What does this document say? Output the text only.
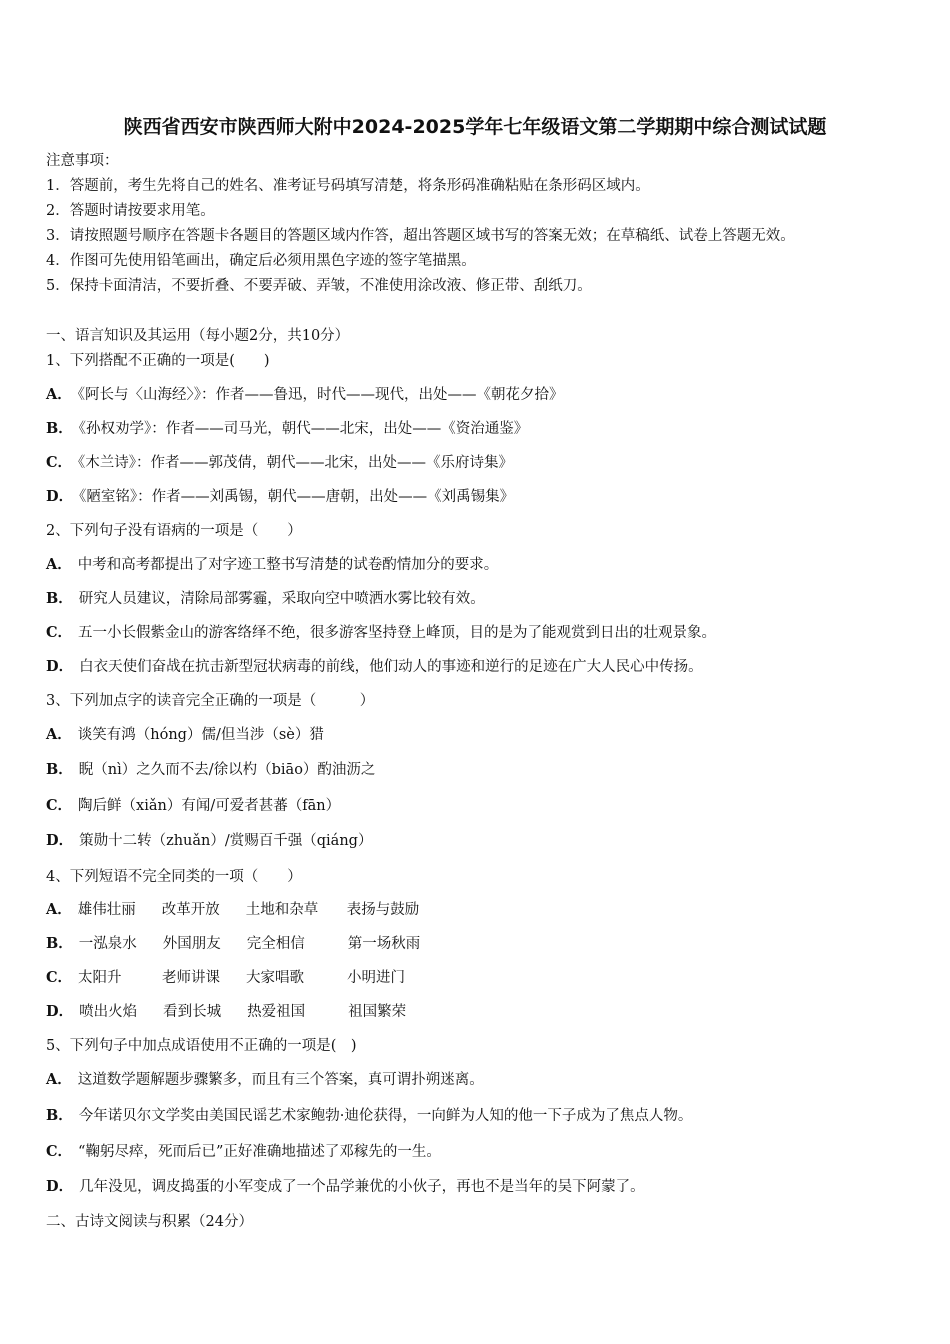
陕西省西安市陕西师大附中2024-2025学年七年级语文第二学期期中综合测试试题
注意事项：
1．答题前，考生先将自己的姓名、准考证号码填写清楚，将条形码准确粘贴在条形码区域内。
2．答题时请按要求用笔。
3．请按照题号顺序在答题卡各题目的答题区域内作答，超出答题区域书写的答案无效；在草稿纸、试卷上答题无效。
4．作图可先使用铅笔画出，确定后必须用黑色字迹的签字笔描黑。
5．保持卡面清洁，不要折叠、不要弄破、弄皱，不准使用涂改液、修正带、刮纸刀。
一、语言知识及其运用（每小题2分，共10分）
1、下列搭配不正确的一项是(　　)
A． 《阿长与〈山海经〉》：作者——鲁迅，时代——现代，出处——《朝花夕拾》
B． 《孙权劝学》：作者——司马光，朝代——北宋，出处——《资治通鉴》
C． 《木兰诗》：作者——郭茂倩，朝代——北宋，出处——《乐府诗集》
D． 《陋室铭》：作者——刘禹锡，朝代——唐朝，出处——《刘禹锡集》
2、下列句子没有语病的一项是（　　）
A． 中考和高考都提出了对字迹工整书写清楚的试卷酌情加分的要求。
B． 研究人员建议，清除局部雾霾，采取向空中喷洒水雾比较有效。
C． 五一小长假紫金山的游客络绎不绝，很多游客坚持登上峰顶，目的是为了能观赏到日出的壮观景象。
D． 白衣天使们奋战在抗击新型冠状病毒的前线，他们动人的事迹和逆行的足迹在广大人民心中传扬。
3、下列加点字的读音完全正确的一项是（　　　）
A． 谈笑有鸿（hóng）儒/但当涉（sè）猎
B． 睨（nì）之久而不去/徐以杓（biāo）酌油沥之
C． 陶后鲜（xiǎn）有闻/可爱者甚蕃（fān）
D． 策勋十二转（zhuǎn）/赏赐百千强（qiáng）
4、下列短语不完全同类的一项（　　）
A． 雄伟壮丽 改革开放 土地和杂草 表扬与鼓励
B． 一泓泉水 外国朋友 完全相信	第一场秋雨
C． 太阳升	老师讲课 大家唱歌	小明进门
D． 喷出火焰 看到长城 热爱祖国	祖国繁荣
5、下列句子中加点成语使用不正确的一项是(　)
A． 这道数学题解题步骤繁多，而且有三个答案，真可谓扑朔迷离。
B． 今年诺贝尔文学奖由美国民谣艺术家鲍勃·迪伦获得，一向鲜为人知的他一下子成为了焦点人物。
C． “鞠躬尽瘁，死而后已”正好准确地描述了邓稼先的一生。
D． 几年没见，调皮捣蛋的小军变成了一个品学兼优的小伙子，再也不是当年的吴下阿蒙了。
二、古诗文阅读与积累（24分）
